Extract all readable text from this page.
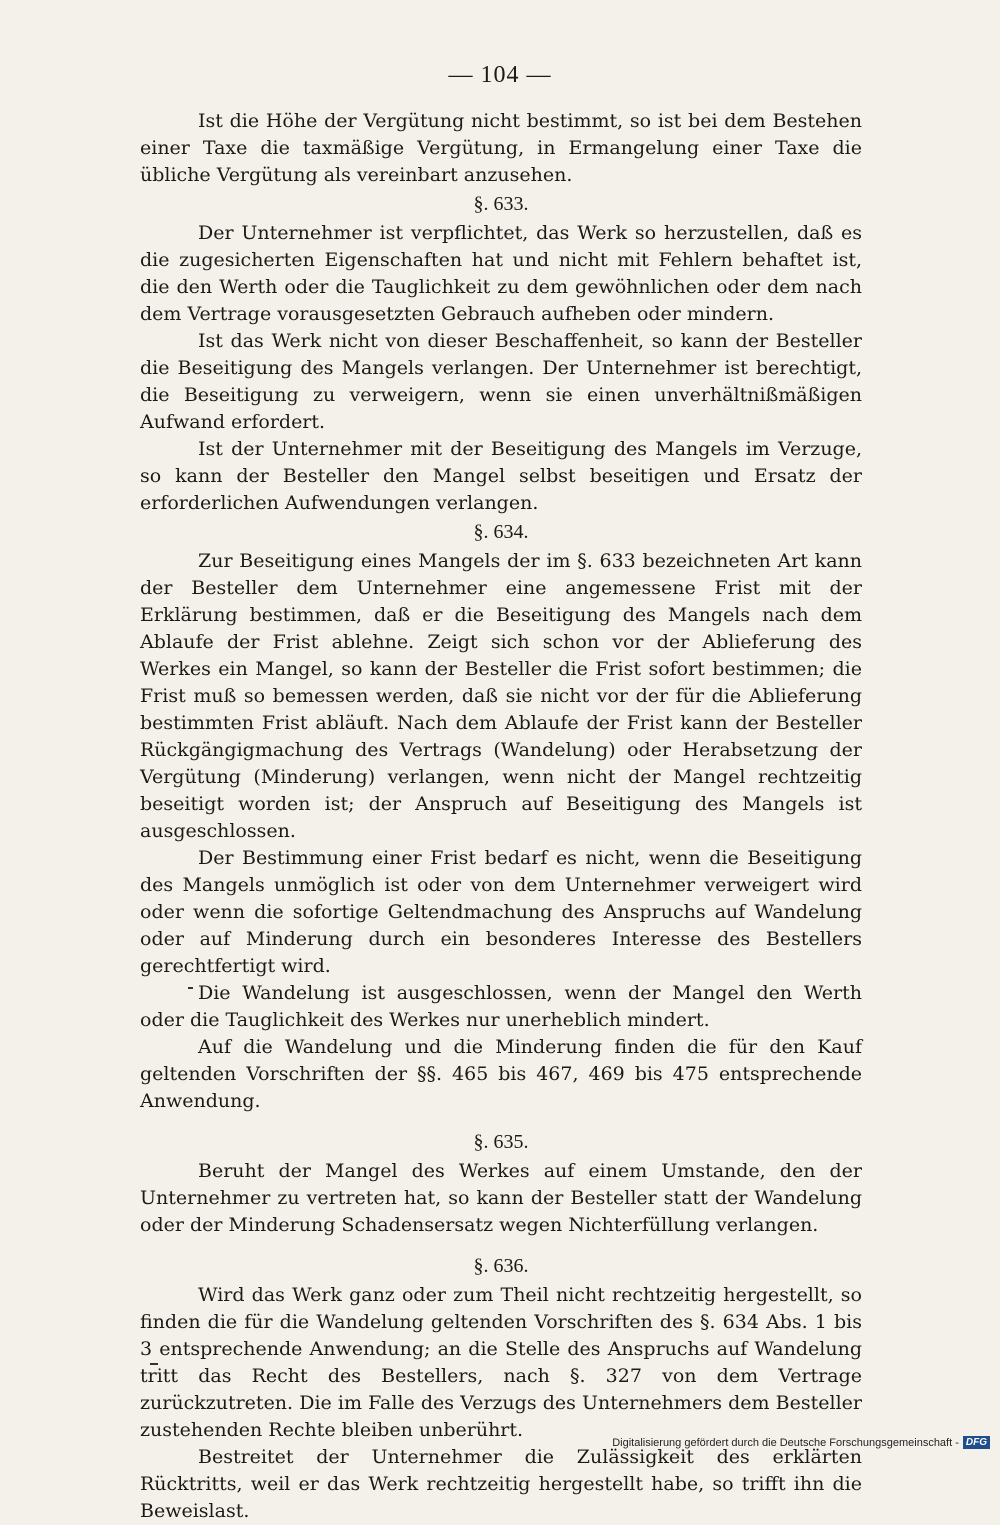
— 104 —

Ist die Höhe der Vergütung nicht bestimmt, so ist bei dem Bestehen einer Taxe die taxmäßige Vergütung, in Ermangelung einer Taxe die übliche Vergütung als vereinbart anzusehen.

§. 633.

Der Unternehmer ist verpflichtet, das Werk so herzustellen, daß es die zugesicherten Eigenschaften hat und nicht mit Fehlern behaftet ist, die den Werth oder die Tauglichkeit zu dem gewöhnlichen oder dem nach dem Vertrage vorausgesetzten Gebrauch aufheben oder mindern.

Ist das Werk nicht von dieser Beschaffenheit, so kann der Besteller die Beseitigung des Mangels verlangen. Der Unternehmer ist berechtigt, die Beseitigung zu verweigern, wenn sie einen unverhältnißmäßigen Aufwand erfordert.

Ist der Unternehmer mit der Beseitigung des Mangels im Verzuge, so kann der Besteller den Mangel selbst beseitigen und Ersatz der erforderlichen Aufwendungen verlangen.

§. 634.

Zur Beseitigung eines Mangels der im §. 633 bezeichneten Art kann der Besteller dem Unternehmer eine angemessene Frist mit der Erklärung bestimmen, daß er die Beseitigung des Mangels nach dem Ablaufe der Frist ablehne. Zeigt sich schon vor der Ablieferung des Werkes ein Mangel, so kann der Besteller die Frist sofort bestimmen; die Frist muß so bemessen werden, daß sie nicht vor der für die Ablieferung bestimmten Frist abläuft. Nach dem Ablaufe der Frist kann der Besteller Rückgängigmachung des Vertrags (Wandelung) oder Herabsetzung der Vergütung (Minderung) verlangen, wenn nicht der Mangel rechtzeitig beseitigt worden ist; der Anspruch auf Beseitigung des Mangels ist ausgeschlossen.

Der Bestimmung einer Frist bedarf es nicht, wenn die Beseitigung des Mangels unmöglich ist oder von dem Unternehmer verweigert wird oder wenn die sofortige Geltendmachung des Anspruchs auf Wandelung oder auf Minderung durch ein besonderes Interesse des Bestellers gerechtfertigt wird.

Die Wandelung ist ausgeschlossen, wenn der Mangel den Werth oder die Tauglichkeit des Werkes nur unerheblich mindert.

Auf die Wandelung und die Minderung finden die für den Kauf geltenden Vorschriften der §§. 465 bis 467, 469 bis 475 entsprechende Anwendung.

§. 635.

Beruht der Mangel des Werkes auf einem Umstande, den der Unternehmer zu vertreten hat, so kann der Besteller statt der Wandelung oder der Minderung Schadensersatz wegen Nichterfüllung verlangen.

§. 636.

Wird das Werk ganz oder zum Theil nicht rechtzeitig hergestellt, so finden die für die Wandelung geltenden Vorschriften des §. 634 Abs. 1 bis 3 entsprechende Anwendung; an die Stelle des Anspruchs auf Wandelung tritt das Recht des Bestellers, nach §. 327 von dem Vertrage zurückzutreten. Die im Falle des Verzugs des Unternehmers dem Besteller zustehenden Rechte bleiben unberührt.

Bestreitet der Unternehmer die Zulässigkeit des erklärten Rücktritts, weil er das Werk rechtzeitig hergestellt habe, so trifft ihn die Beweislast.

Digitalisierung gefördert durch die Deutsche Forschungsgemeinschaft - DFG
